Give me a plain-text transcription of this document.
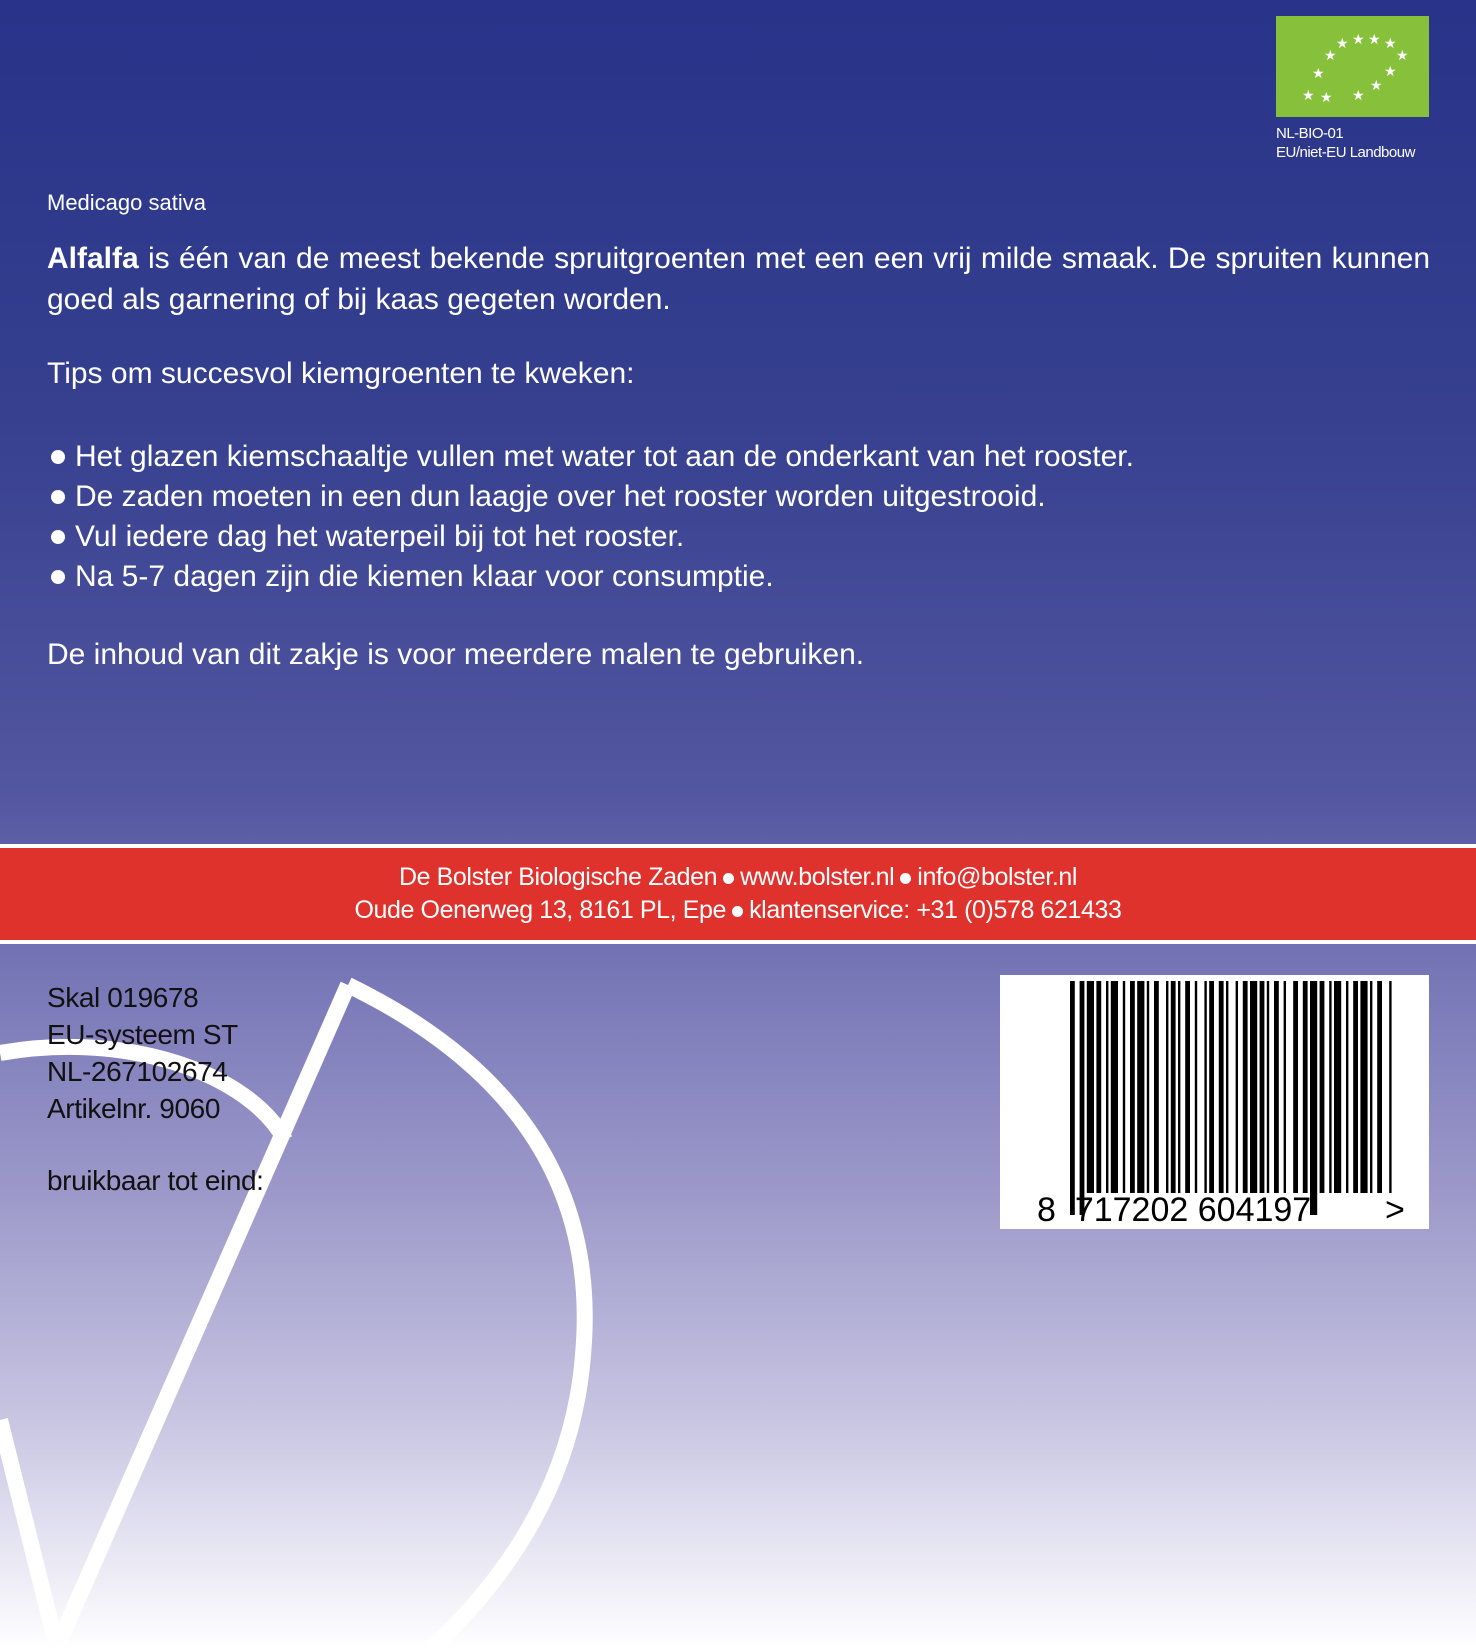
★ ★ ★ ★
★	★
★	★
★
★
★ ★
NL-BIO-01
EU/niet-EU Landbouw
Medicago sativa

Alfalfa is één van de meest bekende spruitgroenten met een een vrij milde smaak. De spruiten kunnen goed als garnering of bij kaas gegeten worden.

Tips om succesvol kiemgroenten te kweken:

Het glazen kiemschaaltje vullen met water tot aan de onderkant van het rooster.
De zaden moeten in een dun laagje over het rooster worden uitgestrooid.
Vul iedere dag het waterpeil bij tot het rooster.
Na 5-7 dagen zijn die kiemen klaar voor consumptie.

De inhoud van dit zakje is voor meerdere malen te gebruiken.

De Bolster Biologische Zaden www.bolster.nl info@bolster.nl
Oude Oenerweg 13, 8161 PL, Epe klantenservice: +31 (0)578 621433
Skal 019678
EU-systeem ST
NL-267102674
Artikelnr. 9060
bruikbaar tot eind:
8 717202 604197 >
